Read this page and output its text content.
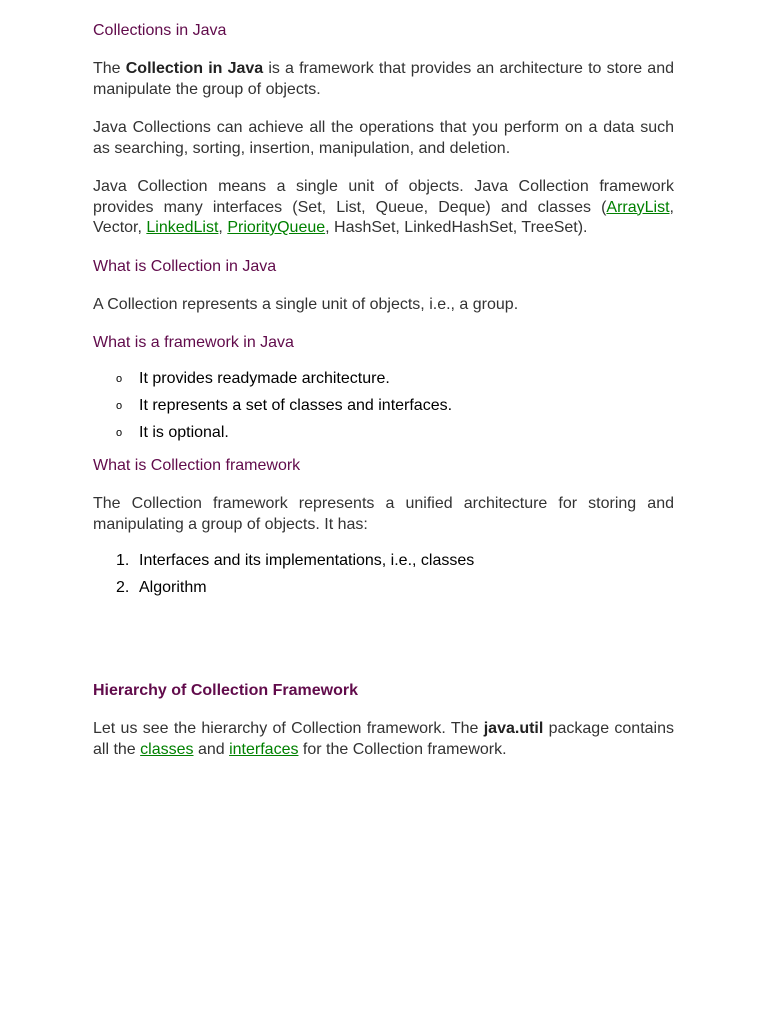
Collections in Java

The Collection in Java is a framework that provides an architecture to store and manipulate the group of objects.

Java Collections can achieve all the operations that you perform on a data such as searching, sorting, insertion, manipulation, and deletion.

Java Collection means a single unit of objects. Java Collection framework provides many interfaces (Set, List, Queue, Deque) and classes (ArrayList, Vector, LinkedList, PriorityQueue, HashSet, LinkedHashSet, TreeSet).

What is Collection in Java

A Collection represents a single unit of objects, i.e., a group.

What is a framework in Java

o It provides readymade architecture.
o It represents a set of classes and interfaces.
o It is optional.

What is Collection framework

The Collection framework represents a unified architecture for storing and manipulating a group of objects. It has:

1. Interfaces and its implementations, i.e., classes
2. Algorithm

Hierarchy of Collection Framework

Let us see the hierarchy of Collection framework. The java.util package contains all the classes and interfaces for the Collection framework.
